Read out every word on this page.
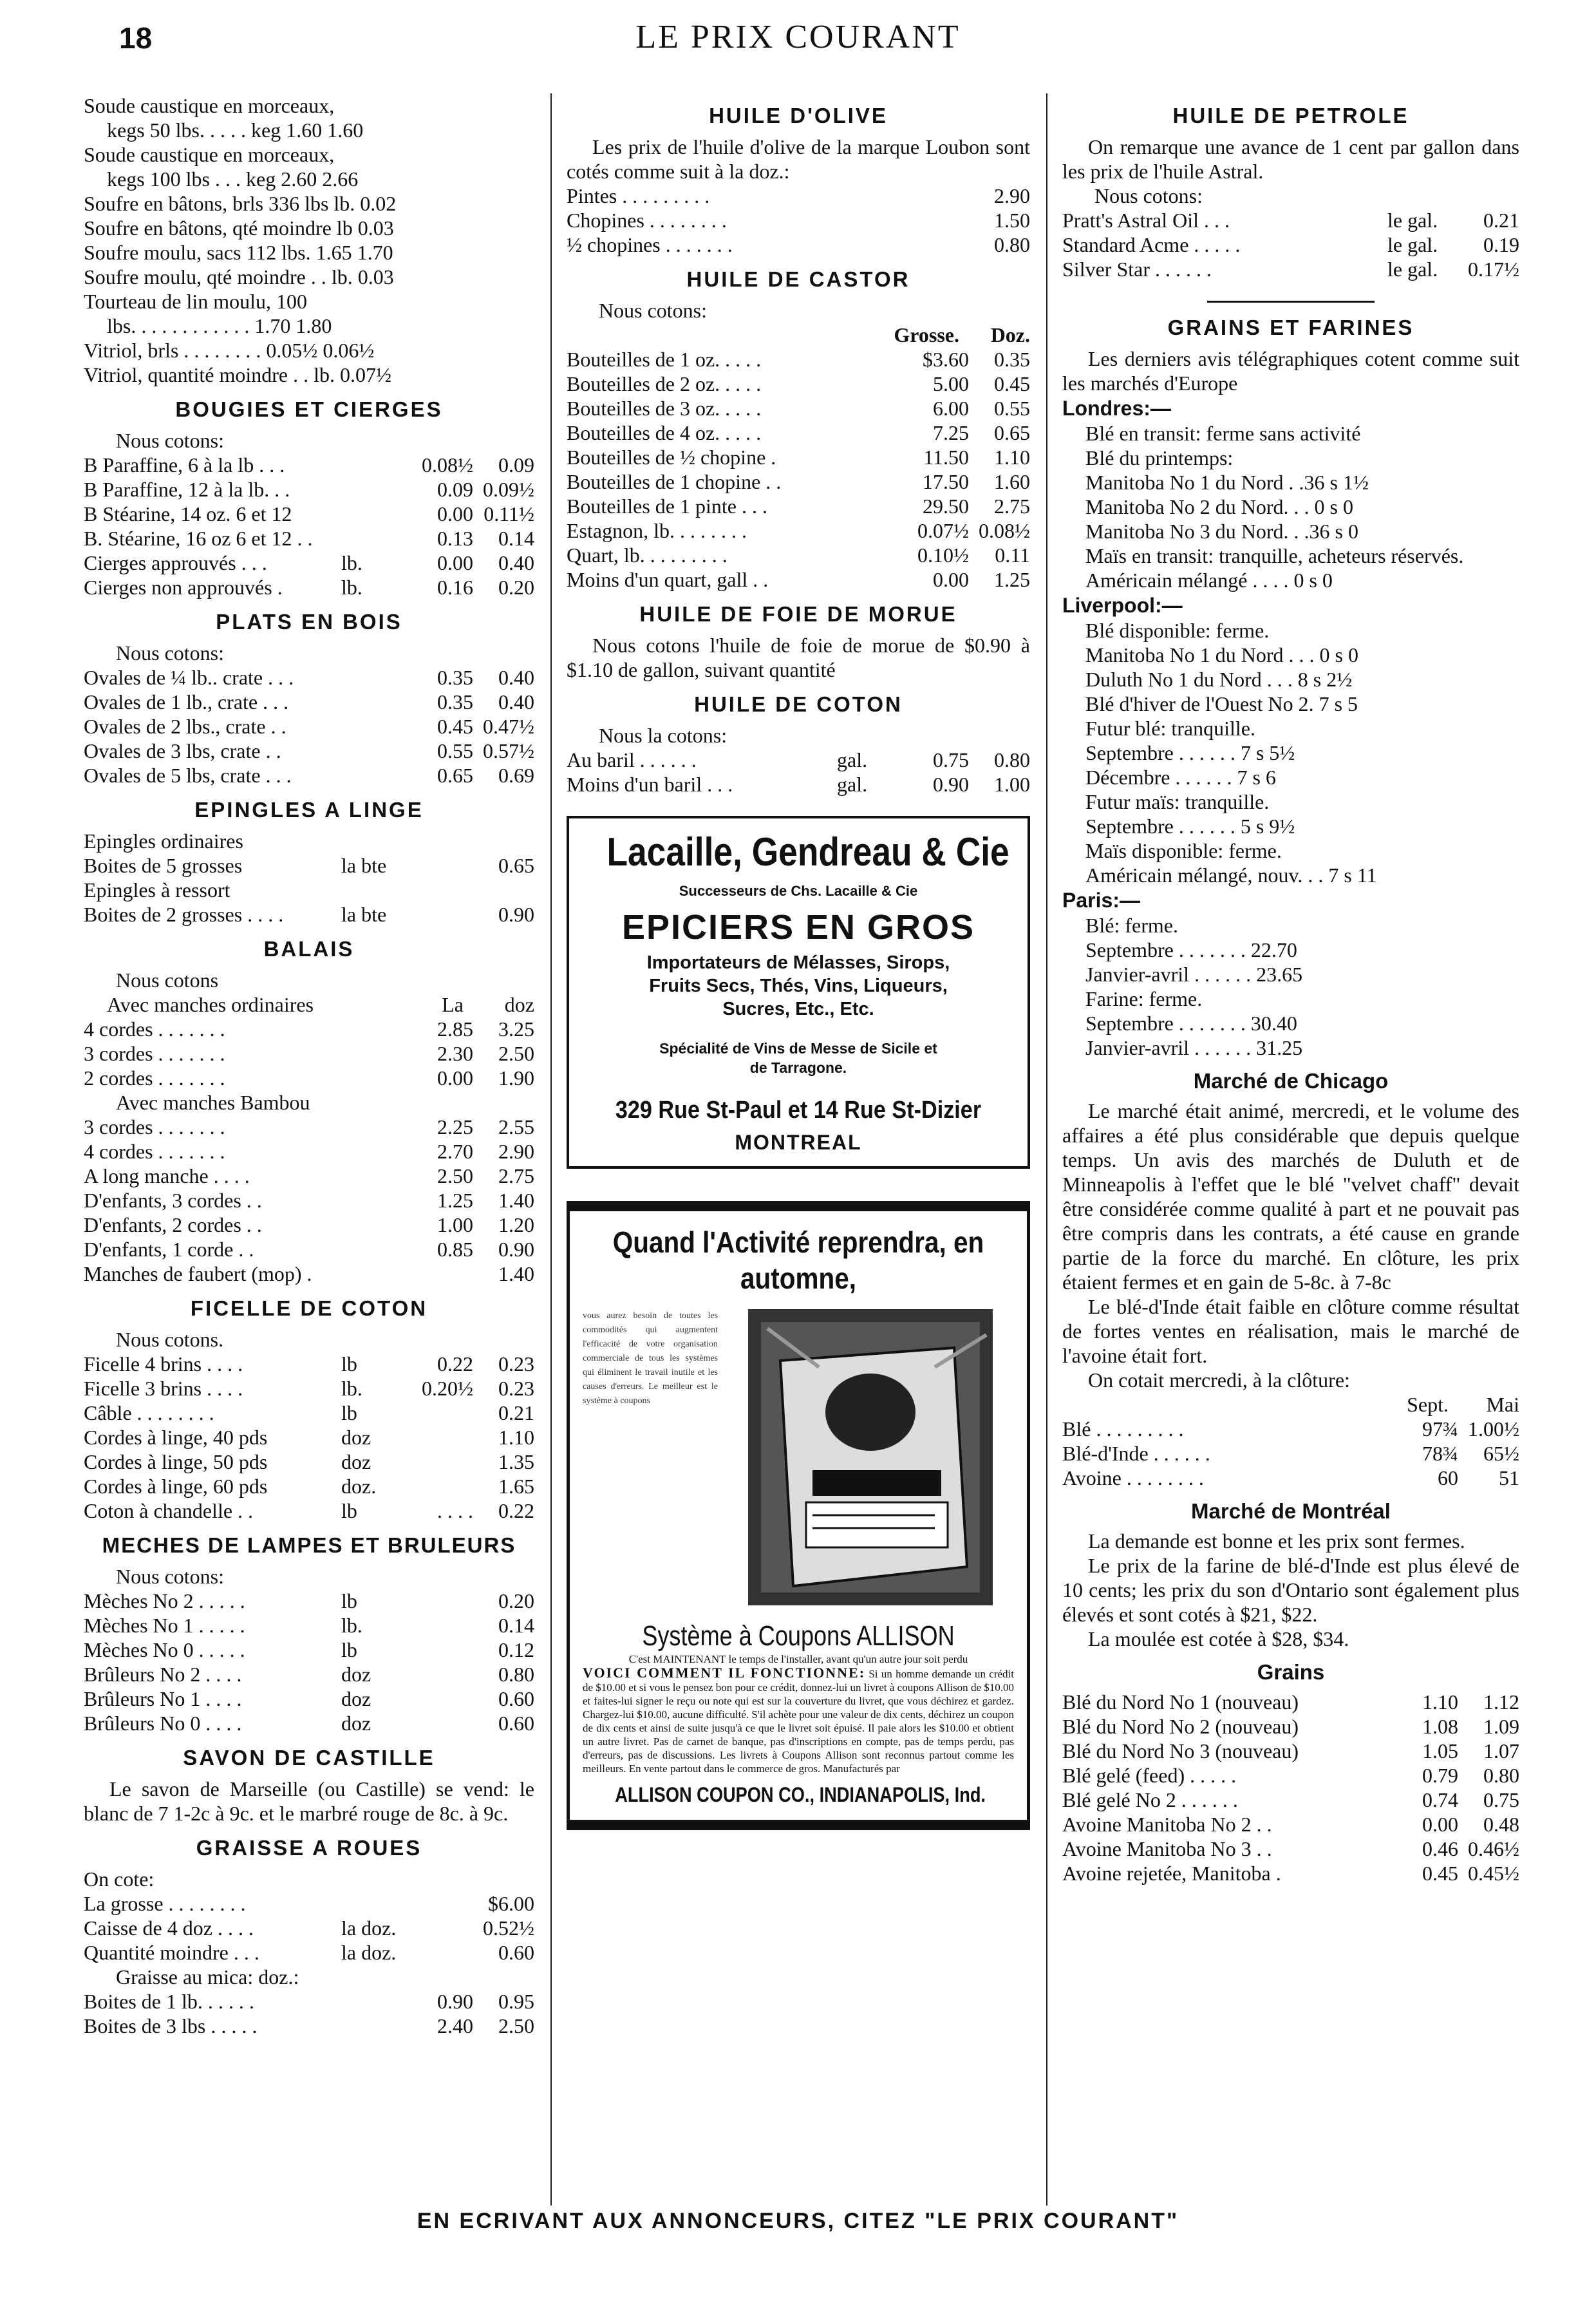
18	LE PRIX COURANT
Soude caustique en morceaux,
kegs 50 lbs. . . . . keg 1.60 1.60
Soude caustique en morceaux,
kegs 100 lbs . . . keg 2.60 2.66
Soufre en bâtons, brls 336 lbs lb. 0.02
Soufre en bâtons, qté moindre lb 0.03
Soufre moulu, sacs 112 lbs. 1.65 1.70
Soufre moulu, qté moindre . . lb. 0.03
Tourteau de lin moulu, 100
lbs. . . . . . . . . . . . 1.70 1.80
Vitriol, brls . . . . . . . . 0.05½ 0.06½
Vitriol, quantité moindre . . lb. 0.07½
BOUGIES ET CIERGES
Nous cotons:
B Paraffine, 6 à la lb . . .	0.08½	0.09
B Paraffine, 12 à la lb. . .	0.09 0.09½
B Stéarine, 14 oz. 6 et 12	0.00 0.11½
B. Stéarine, 16 oz 6 et 12 . .	0.13	0.14
Cierges approuvés . . .	lb.	0.00	0.40
Cierges non approuvés .	lb.	0.16	0.20
PLATS EN BOIS
Nous cotons:
Ovales de ¼ lb.. crate . . .	0.35	0.40
Ovales de 1 lb., crate . . .	0.35	0.40
Ovales de 2 lbs., crate . .	0.45 0.47½
Ovales de 3 lbs, crate . .	0.55 0.57½
Ovales de 5 lbs, crate . . .	0.65	0.69
EPINGLES A LINGE
Epingles ordinaires
Boites de 5 grosses	la bte	0.65
Epingles à ressort
Boites de 2 grosses . . . .	la bte	0.90
BALAIS
Nous cotons
Avec manches ordinaires	La	doz
4 cordes . . . . . . .	2.85	3.25
3 cordes . . . . . . .	2.30	2.50
2 cordes . . . . . . .	0.00	1.90
Avec manches Bambou
3 cordes . . . . . . .	2.25	2.55
4 cordes . . . . . . .	2.70	2.90
A long manche . . . .	2.50	2.75
D'enfants, 3 cordes . .	1.25	1.40
D'enfants, 2 cordes . .	1.00	1.20
D'enfants, 1 corde . .	0.85	0.90
Manches de faubert (mop) .	1.40
FICELLE DE COTON
Nous cotons.
Ficelle 4 brins . . . .	lb	0.22	0.23
Ficelle 3 brins . . . .	lb.	0.20½	0.23
Câble . . . . . . . .	lb	0.21
Cordes à linge, 40 pds	doz	1.10
Cordes à linge, 50 pds	doz	1.35
Cordes à linge, 60 pds	doz.	1.65
Coton à chandelle . .	lb	. . . .	0.22
MECHES DE LAMPES ET BRULEURS
Nous cotons:
Mèches No 2 . . . . .	lb	0.20
Mèches No 1 . . . . .	lb.	0.14
Mèches No 0 . . . . .	lb	0.12
Brûleurs No 2 . . . .	doz	0.80
Brûleurs No 1 . . . .	doz	0.60
Brûleurs No 0 . . . .	doz	0.60
SAVON DE CASTILLE
Le savon de Marseille (ou Castille) se vend: le blanc de 7 1-2c à 9c. et le marbré rouge de 8c. à 9c.
GRAISSE A ROUES
On cote:
La grosse . . . . . . . .	$6.00
Caisse de 4 doz . . . .	la doz.	0.52½
Quantité moindre . . .	la doz.	0.60
Graisse au mica: doz.:
Boites de 1 lb. . . . . .	0.90	0.95
Boites de 3 lbs . . . . .	2.40	2.50
HUILE D'OLIVE
Les prix de l'huile d'olive de la marque Loubon sont cotés comme suit à la doz.:
Pintes . . . . . . . . .	2.90
Chopines . . . . . . . .	1.50
½ chopines . . . . . . .	0.80
HUILE DE CASTOR
Nous cotons:
Grosse.	Doz.
Bouteilles de 1 oz. . . . .	$3.60	0.35
Bouteilles de 2 oz. . . . .	5.00	0.45
Bouteilles de 3 oz. . . . .	6.00	0.55
Bouteilles de 4 oz. . . . .	7.25	0.65
Bouteilles de ½ chopine .	11.50	1.10
Bouteilles de 1 chopine . .	17.50	1.60
Bouteilles de 1 pinte . . .	29.50	2.75
Estagnon, lb. . . . . . . .	0.07½ 0.08½
Quart, lb. . . . . . . . .	0.10½	0.11
Moins d'un quart, gall . .	0.00	1.25
HUILE DE FOIE DE MORUE
Nous cotons l'huile de foie de morue de $0.90 à $1.10 de gallon, suivant quantité
HUILE DE COTON
Nous la cotons:
Au baril . . . . . .	gal.	0.75	0.80
Moins d'un baril . . .	gal.	0.90	1.00
Lacaille, Gendreau & Cie
Successeurs de Chs. Lacaille & Cie
EPICIERS EN GROS
Importateurs de Mélasses, Sirops,
Fruits Secs, Thés, Vins, Liqueurs,
Sucres, Etc., Etc.
Spécialité de Vins de Messe de Sicile et
de Tarragone.
329 Rue St-Paul et 14 Rue St-Dizier
MONTREAL
Quand l'Activité reprendra, en automne,
vous aurez besoin de toutes les commodités qui augmentent l'efficacité de votre organisation commerciale de tous les systèmes qui éliminent le travail inutile et les causes d'erreurs. Le meilleur est le système à coupons
Système à Coupons ALLISON
C'est MAINTENANT le temps de l'installer, avant qu'un autre jour soit perdu
VOICI COMMENT IL FONCTIONNE: Si un homme demande un crédit de $10.00 et si vous le pensez bon pour ce crédit, donnez-lui un livret à coupons Allison de $10.00 et faites-lui signer le reçu ou note qui est sur la couverture du livret, que vous déchirez et gardez. Chargez-lui $10.00, aucune difficulté. S'il achète pour une valeur de dix cents, déchirez un coupon de dix cents et ainsi de suite jusqu'à ce que le livret soit épuisé. Il paie alors les $10.00 et obtient un autre livret. Pas de carnet de banque, pas d'inscriptions en compte, pas de temps perdu, pas d'erreurs, pas de discussions. Les livrets à Coupons Allison sont reconnus partout comme les meilleurs. En vente partout dans le commerce de gros. Manufacturés par
ALLISON COUPON CO., INDIANAPOLIS, Ind.
HUILE DE PETROLE
On remarque une avance de 1 cent par gallon dans les prix de l'huile Astral.
Nous cotons:
Pratt's Astral Oil . . .	le gal.	0.21
Standard Acme . . . . .	le gal.	0.19
Silver Star . . . . . .	le gal.	0.17½
GRAINS ET FARINES
Les derniers avis télégraphiques cotent comme suit les marchés d'Europe
Londres:—
Blé en transit: ferme sans activité
Blé du printemps:
Manitoba No 1 du Nord . .36 s 1½
Manitoba No 2 du Nord. . . 0 s 0
Manitoba No 3 du Nord. . .36 s 0
Maïs en transit: tranquille, acheteurs réservés.
Américain mélangé . . . . 0 s 0
Liverpool:—
Blé disponible: ferme.
Manitoba No 1 du Nord . . . 0 s 0
Duluth No 1 du Nord . . . 8 s 2½
Blé d'hiver de l'Ouest No 2. 7 s 5
Futur blé: tranquille.
Septembre . . . . . . 7 s 5½
Décembre . . . . . . 7 s 6
Futur maïs: tranquille.
Septembre . . . . . . 5 s 9½
Maïs disponible: ferme.
Américain mélangé, nouv. . . 7 s 11
Paris:—
Blé: ferme.
Septembre . . . . . . . 22.70
Janvier-avril . . . . . . 23.65
Farine: ferme.
Septembre . . . . . . . 30.40
Janvier-avril . . . . . . 31.25
Marché de Chicago
Le marché était animé, mercredi, et le volume des affaires a été plus considérable que depuis quelque temps. Un avis des marchés de Duluth et de Minneapolis à l'effet que le blé "velvet chaff" devait être considérée comme qualité à part et ne pouvait pas être compris dans les contrats, a été cause en grande partie de la force du marché. En clôture, les prix étaient fermes et en gain de 5-8c. à 7-8c
Le blé-d'Inde était faible en clôture comme résultat de fortes ventes en réalisation, mais le marché de l'avoine était fort.
On cotait mercredi, à la clôture:
Sept.	Mai
Blé . . . . . . . . .	97¾ 1.00½
Blé-d'Inde . . . . . .	78¾	65½
Avoine . . . . . . . .	60	51
Marché de Montréal
La demande est bonne et les prix sont fermes.
Le prix de la farine de blé-d'Inde est plus élevé de 10 cents; les prix du son d'Ontario sont également plus élevés et sont cotés à $21, $22.
La moulée est cotée à $28, $34.
Grains
Blé du Nord No 1 (nouveau)	1.10	1.12
Blé du Nord No 2 (nouveau)	1.08	1.09
Blé du Nord No 3 (nouveau)	1.05	1.07
Blé gelé (feed) . . . . .	0.79	0.80
Blé gelé No 2 . . . . . .	0.74	0.75
Avoine Manitoba No 2 . .	0.00	0.48
Avoine Manitoba No 3 . .	0.46 0.46½
Avoine rejetée, Manitoba .	0.45 0.45½
EN ECRIVANT AUX ANNONCEURS, CITEZ "LE PRIX COURANT"
